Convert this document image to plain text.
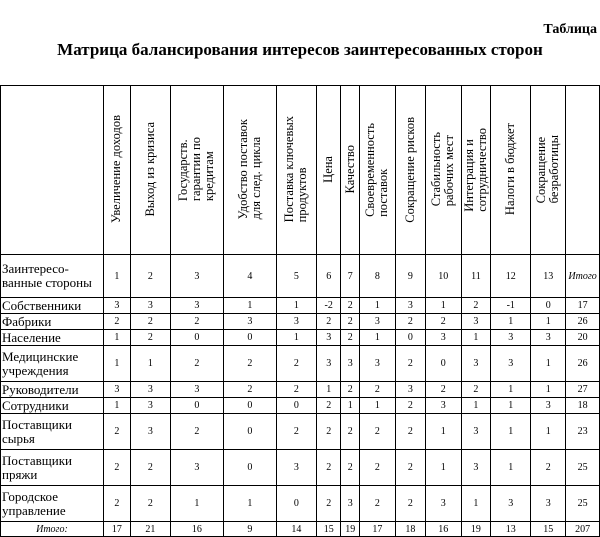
Таблица
Матрица балансирования интересов заинтересованных сторон
	Увеличение доходов	Выход из кризиса	Государств.
гарантии по
кредитам	Удобство поставок
для след. цикла	Поставка ключевых
продуктов	Цена	Качество	Своевременность
поставок	Сокращение рисков	Стабильность
рабочих мест	Интеграция и
сотрудничество	Налоги в бюджет	Сокращение
безработицы	
Заинтересо-
ванные стороны	1	2	3	4	5	6	7	8	9	10	11	12	13	Итого
Собственники	3	3	3	1	1	-2	2	1	3	1	2	-1	0	17
Фабрики	2	2	2	3	3	2	2	3	2	2	3	1	1	26
Население	1	2	0	0	1	3	2	1	0	3	1	3	3	20
Медицинские
учреждения	1	1	2	2	2	3	3	3	2	0	3	3	1	26
Руководители	3	3	3	2	2	1	2	2	3	2	2	1	1	27
Сотрудники	1	3	0	0	0	2	1	1	2	3	1	1	3	18
Поставщики
сырья	2	3	2	0	2	2	2	2	2	1	3	1	1	23
Поставщики
пряжи	2	2	3	0	3	2	2	2	2	1	3	1	2	25
Городское
управление	2	2	1	1	0	2	3	2	2	3	1	3	3	25
Итого:	17	21	16	9	14	15	19	17	18	16	19	13	15	207
